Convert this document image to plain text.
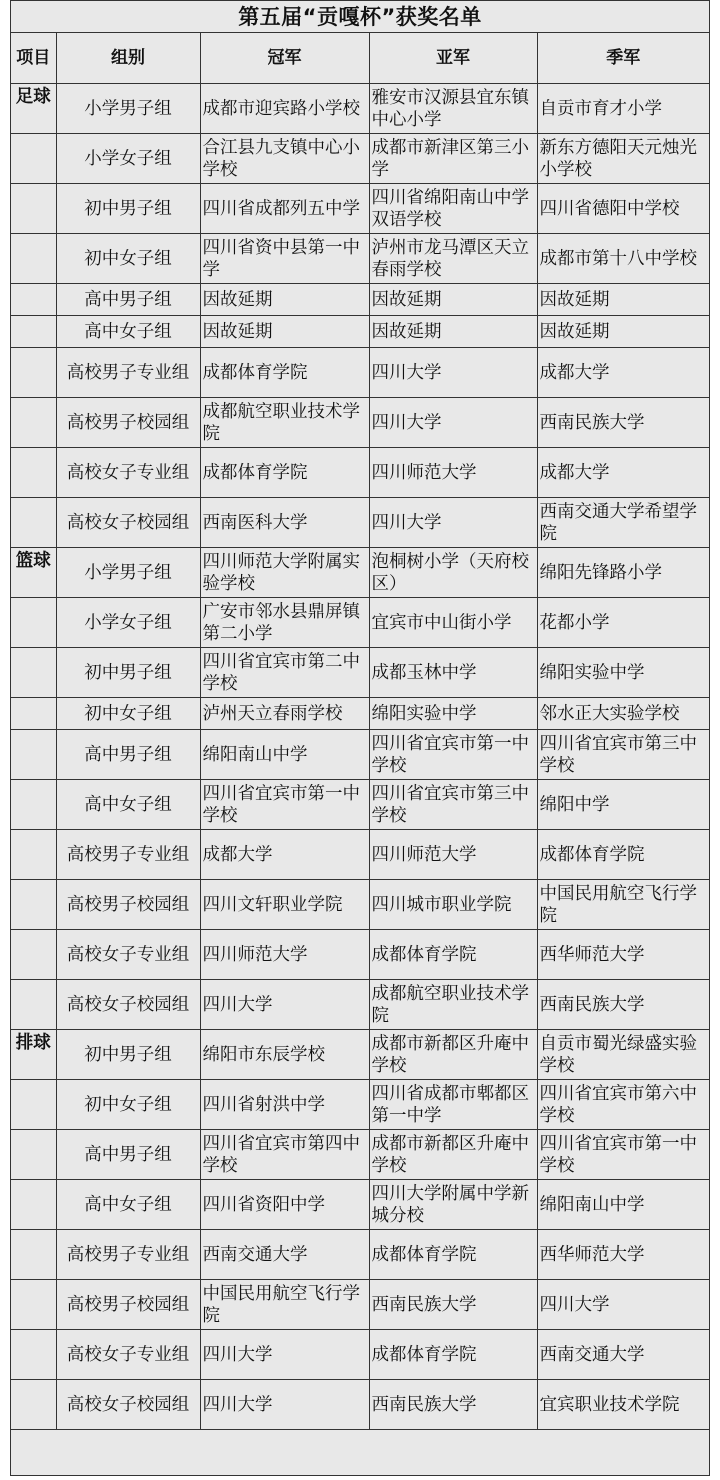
第五届“贡嘎杯”获奖名单
项目	组别	冠军	亚军	季军
足球	小学男子组	成都市迎宾路小学校	雅安市汉源县宜东镇中心小学	自贡市育才小学
	小学女子组	合江县九支镇中心小学校	成都市新津区第三小学	新东方德阳天元烛光小学校
	初中男子组	四川省成都列五中学	四川省绵阳南山中学双语学校	四川省德阳中学校
	初中女子组	四川省资中县第一中学	泸州市龙马潭区天立春雨学校	成都市第十八中学校
	高中男子组	因故延期	因故延期	因故延期
	高中女子组	因故延期	因故延期	因故延期
	高校男子专业组	成都体育学院	四川大学	成都大学
	高校男子校园组	成都航空职业技术学院	四川大学	西南民族大学
	高校女子专业组	成都体育学院	四川师范大学	成都大学
	高校女子校园组	西南医科大学	四川大学	西南交通大学希望学院
篮球	小学男子组	四川师范大学附属实验学校	泡桐树小学（天府校区）	绵阳先锋路小学
	小学女子组	广安市邻水县鼎屏镇第二小学	宜宾市中山街小学	花都小学
	初中男子组	四川省宜宾市第二中学校	成都玉林中学	绵阳实验中学
	初中女子组	泸州天立春雨学校	绵阳实验中学	邻水正大实验学校
	高中男子组	绵阳南山中学	四川省宜宾市第一中学校	四川省宜宾市第三中学校
	高中女子组	四川省宜宾市第一中学校	四川省宜宾市第三中学校	绵阳中学
	高校男子专业组	成都大学	四川师范大学	成都体育学院
	高校男子校园组	四川文轩职业学院	四川城市职业学院	中国民用航空飞行学院
	高校女子专业组	四川师范大学	成都体育学院	西华师范大学
	高校女子校园组	四川大学	成都航空职业技术学院	西南民族大学
排球	初中男子组	绵阳市东辰学校	成都市新都区升庵中学校	自贡市蜀光绿盛实验学校
	初中女子组	四川省射洪中学	四川省成都市郫都区第一中学	四川省宜宾市第六中学校
	高中男子组	四川省宜宾市第四中学校	成都市新都区升庵中学校	四川省宜宾市第一中学校
	高中女子组	四川省资阳中学	四川大学附属中学新城分校	绵阳南山中学
	高校男子专业组	西南交通大学	成都体育学院	西华师范大学
	高校男子校园组	中国民用航空飞行学院	西南民族大学	四川大学
	高校女子专业组	四川大学	成都体育学院	西南交通大学
	高校女子校园组	四川大学	西南民族大学	宜宾职业技术学院
